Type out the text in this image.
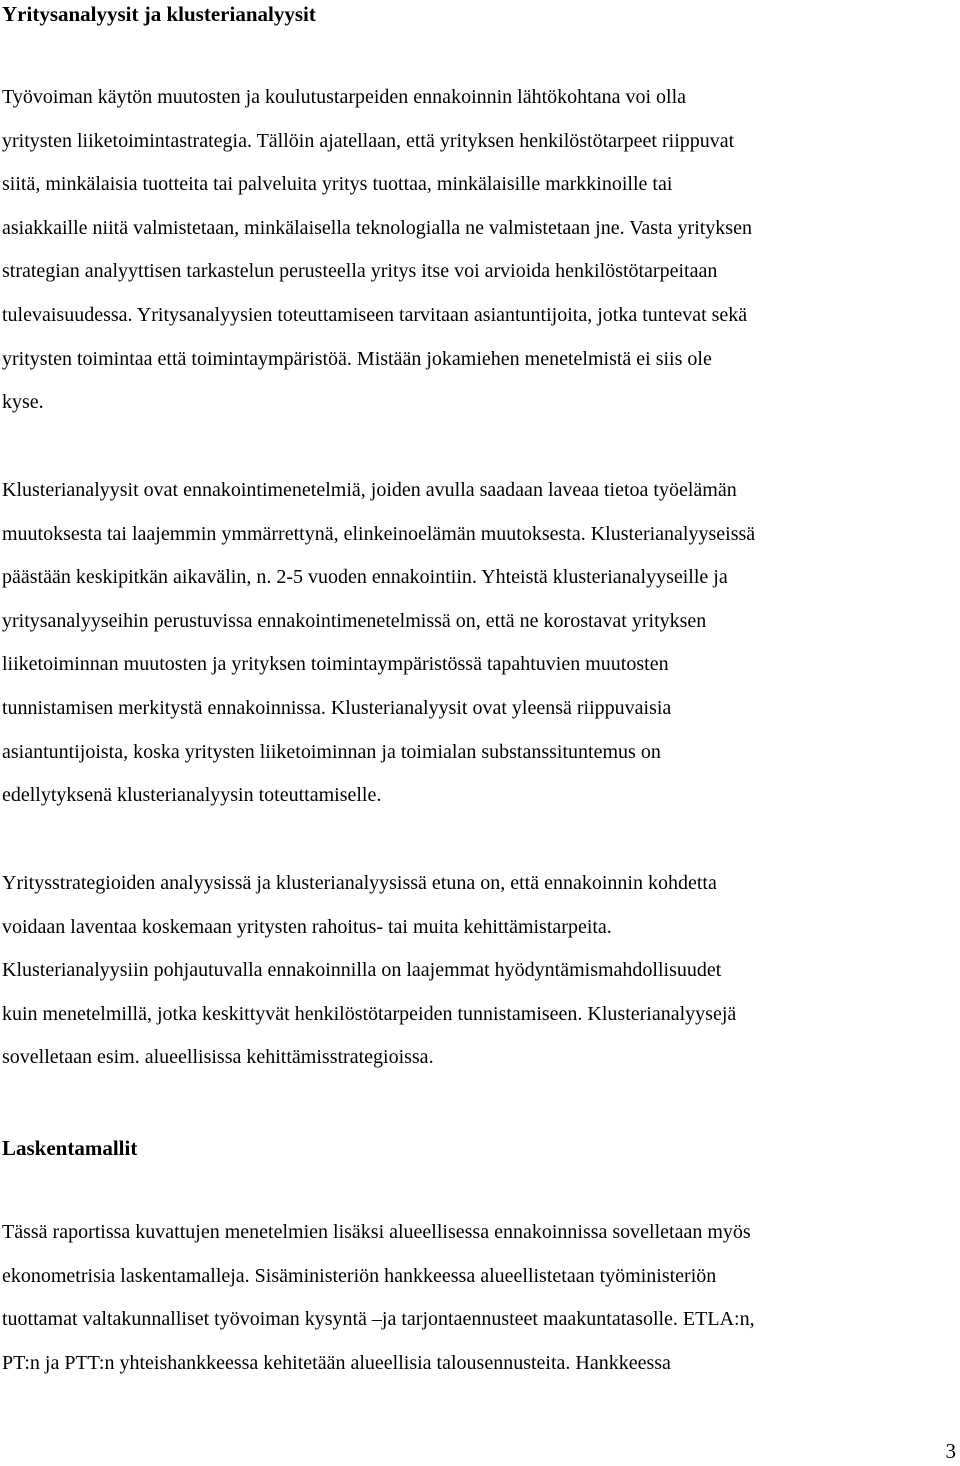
Yritysanalyysit ja klusterianalyysit
Työvoiman käytön muutosten ja koulutustarpeiden ennakoinnin lähtökohtana voi olla
yritysten liiketoimintastrategia. Tällöin ajatellaan, että yrityksen henkilöstötarpeet riippuvat
siitä, minkälaisia tuotteita tai palveluita yritys tuottaa, minkälaisille markkinoille tai
asiakkaille niitä valmistetaan, minkälaisella teknologialla ne valmistetaan jne. Vasta yrityksen
strategian analyyttisen tarkastelun perusteella yritys itse voi arvioida henkilöstötarpeitaan
tulevaisuudessa. Yritysanalyysien toteuttamiseen tarvitaan asiantuntijoita, jotka tuntevat sekä
yritysten toimintaa että toimintaympäristöä. Mistään jokamiehen menetelmistä ei siis ole
kyse.
Klusterianalyysit ovat ennakointimenetelmiä, joiden avulla saadaan laveaa tietoa työelämän
muutoksesta tai laajemmin ymmärrettynä, elinkeinoelämän muutoksesta. Klusterianalyyseissä
päästään keskipitkän aikavälin, n. 2-5 vuoden ennakointiin. Yhteistä klusterianalyyseille ja
yritysanalyyseihin perustuvissa ennakointimenetelmissä on, että ne korostavat yrityksen
liiketoiminnan muutosten ja yrityksen toimintaympäristössä tapahtuvien muutosten
tunnistamisen merkitystä ennakoinnissa. Klusterianalyysit ovat yleensä riippuvaisia
asiantuntijoista, koska yritysten liiketoiminnan ja toimialan substanssituntemus on
edellytyksenä klusterianalyysin toteuttamiselle.
Yritysstrategioiden analyysissä ja klusterianalyysissä etuna on, että ennakoinnin kohdetta
voidaan laventaa koskemaan yritysten rahoitus- tai muita kehittämistarpeita.
Klusterianalyysiin pohjautuvalla ennakoinnilla on laajemmat hyödyntämismahdollisuudet
kuin menetelmillä, jotka keskittyvät henkilöstötarpeiden tunnistamiseen. Klusterianalyysejä
sovelletaan esim. alueellisissa kehittämisstrategioissa.
Laskentamallit
Tässä raportissa kuvattujen menetelmien lisäksi alueellisessa ennakoinnissa sovelletaan myös
ekonometrisia laskentamalleja. Sisäministeriön hankkeessa alueellistetaan työministeriön
tuottamat valtakunnalliset työvoiman kysyntä –ja tarjontaennusteet maakuntatasolle. ETLA:n,
PT:n ja PTT:n yhteishankkeessa kehitetään alueellisia talousennusteita. Hankkeessa

3
